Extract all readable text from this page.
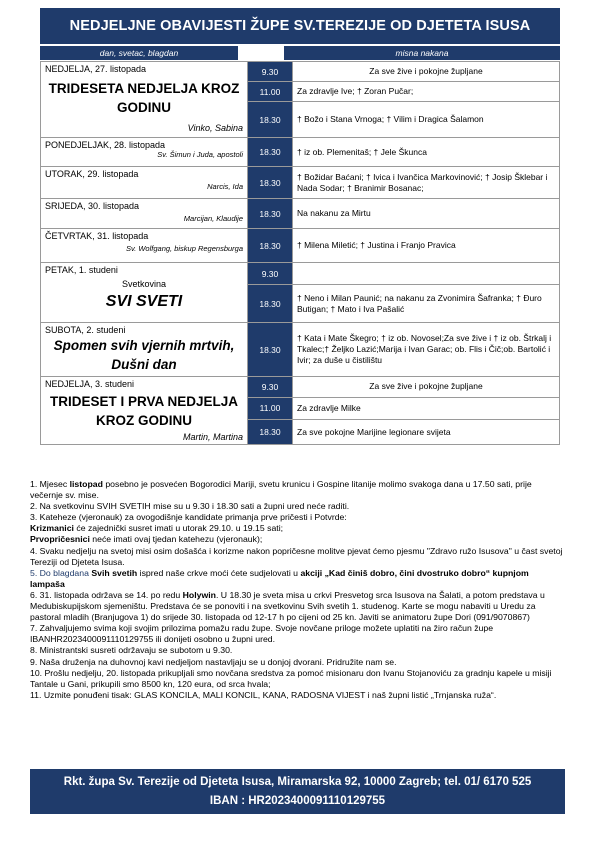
NEDJELJNE OBAVIJESTI ŽUPE SV.TEREZIJE OD DJETETA ISUSA
dan, svetac, blagdan	misna nakana
NEDJELJA, 27. listopada
TRIDESETA NEDJELJA KROZ
GODINU
Vinko, Sabina	9.30	Za sve žive i pokojne župljane
	11.00	Za zdravlje Ive; † Zoran Pučar;
	18.30	† Božo i Stana Vrnoga; † Vilim i Dragica Šalamon

PONEDJELJAK, 28. listopada
Sv. Šimun i Juda, apostoli	18.30	† iz ob. Plemenitaš; † Jele Škunca

UTORAK, 29. listopada
Narcis, Ida	18.30	† Božidar Baćani; † Ivica i Ivančica Markovinović; † Josip Šklebar i Nada Sodar; † Branimir Bosanac;

SRIJEDA, 30. listopada
Marcijan, Klaudije	18.30	Na nakanu za Mirtu

ČETVRTAK, 31. listopada
Sv. Wolfgang, biskup Regensburga	18.30	† Milena Miletić; † Justina i Franjo Pravica

PETAK, 1. studeni
Svetkovina
SVI SVETI	9.30	
	18.30	† Neno i Milan Paunić; na nakanu za Zvonimira Šafranka; † Đuro Butigan; † Mato i Iva Pašalić

SUBOTA, 2. studeni
Spomen svih vjernih mrtvih,
Dušni dan	18.30	† Kata i Mate Škegro; † iz ob. Novosel;Za sve žive i † iz ob. Štrkalj i Tkalec;† Željko Lazić;Marija i Ivan Garac; ob. Flis i Čič;ob. Bartolić i Ivir; za duše u čistilištu

NEDJELJA, 3. studeni
TRIDESET I PRVA NEDJELJA
KROZ GODINU
Martin, Martina	9.30	Za sve žive i pokojne župljane
	11.00	Za zdravlje Milke
	18.30	Za sve pokojne Marijine legionare svijeta

1. Mjesec listopad posebno je posvećen Bogorodici Mariji, svetu krunicu i Gospine litanije molimo svakoga dana u 17.50 sati, prije večernje sv. mise.

2. Na svetkovinu SVIH SVETIH mise su u 9.30 i 18.30 sati a župni ured neće raditi.

3. Kateheze (vjeronauk) za ovogodišnje kandidate primanja prve pričesti i Potvrde:

Krizmanici će zajednički susret imati u utorak 29.10. u 19.15 sati;

Prvopričesnici neće imati ovaj tjedan katehezu (vjeronauk);

4. Svaku nedjelju na svetoj misi osim došašća i korizme nakon popričesne molitve pjevat ćemo pjesmu "Zdravo ružo Isusova" u čast svetoj Tereziji od Djeteta Isusa.

5. Do blagdana Svih svetih ispred naše crkve moći ćete sudjelovati u akciji „Kad činiš dobro, čini dvostruko dobro“ kupnjom lampaša

6. 31. listopada održava se 14. po redu Holywin. U 18.30 je sveta misa u crkvi Presvetog srca Isusova na Šalati, a potom predstava u Medubiskupijskom sjemeništu. Predstava će se ponoviti i na svetkovinu Svih svetih 1. studenog. Karte se mogu nabaviti u Uredu za pastoral mladih (Branjugova 1) do srijede 30. listopada od 12-17 h po cijeni od 25 kn. Javiti se animatoru župe Dori (091/9070867)

7. Zahvaljujemo svima koji svojim prilozima pomažu radu župe. Svoje novčane priloge možete uplatiti na žiro račun župe IBANHR2023400091110129755 ili donijeti osobno u župni ured.

8. Ministrantski susreti održavaju se subotom u 9.30.

9. Naša druženja na duhovnoj kavi nedjeljom nastavljaju se u donjoj dvorani. Pridružite nam se.

10. Prošlu nedjelju, 20. listopada prikupljali smo novčana sredstva za pomoć misionaru don Ivanu Stojanoviću za gradnju kapele u misiji Tantale u Gani, prikupili smo 8500 kn, 120 eura, od srca hvala;

11. Uzmite ponuđeni tisak: GLAS KONCILA, MALI KONCIL, KANA, RADOSNA VIJEST i naš župni listić „Trnjanska ruža“.

Rkt. župa Sv. Terezije od Djeteta Isusa, Miramarska 92, 10000 Zagreb; tel. 01/ 6170 525
IBAN : HR2023400091110129755
